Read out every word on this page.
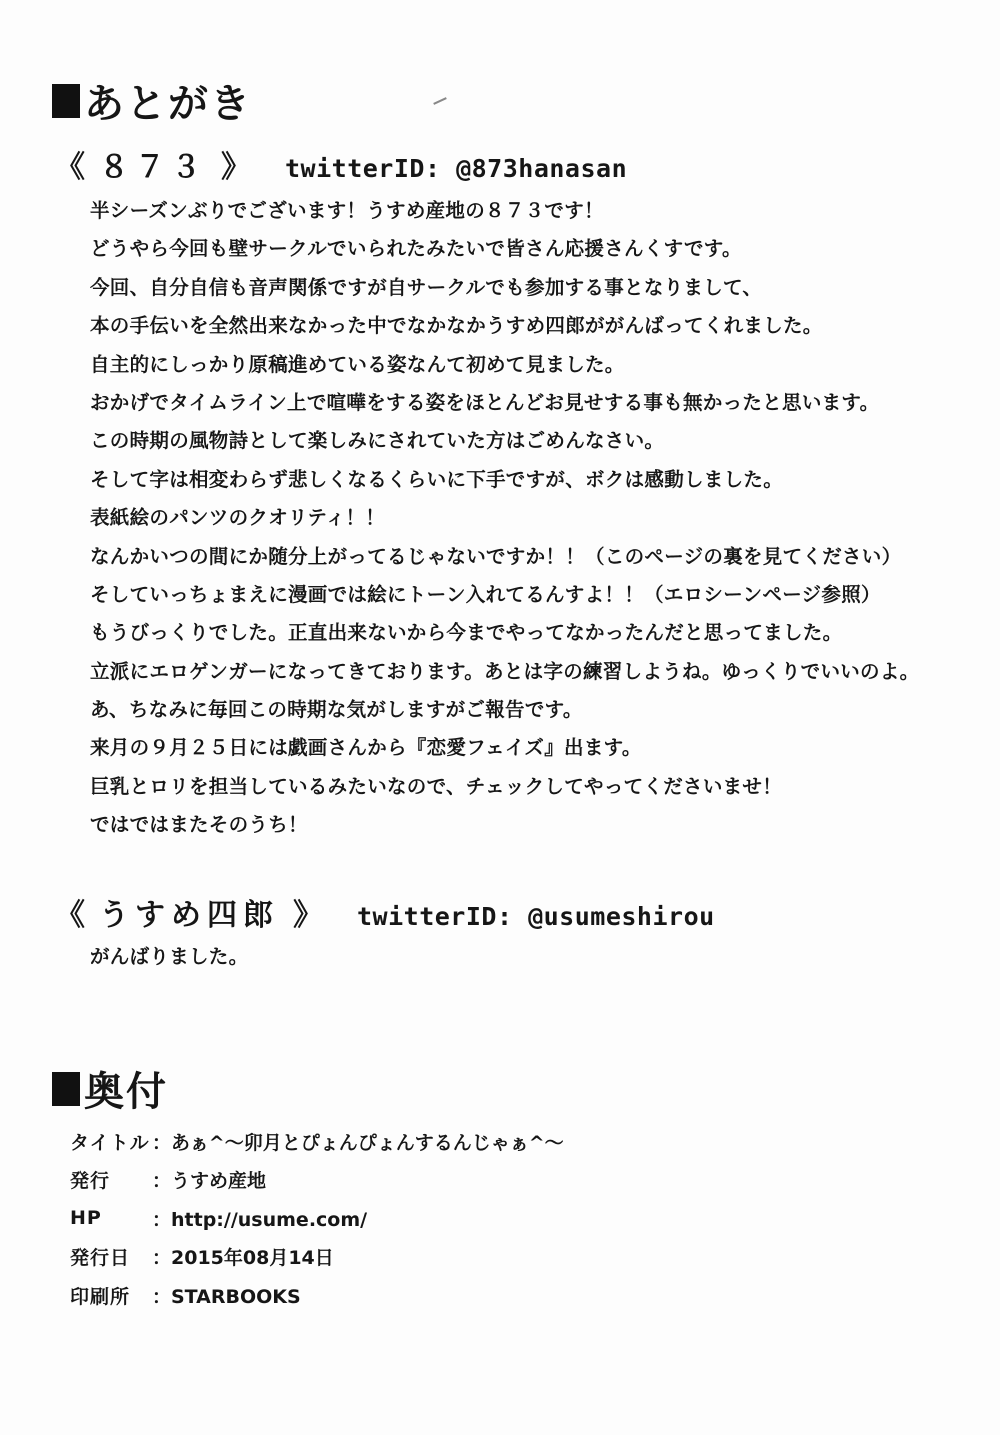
あとがき
《 ８７３ 》 twitterID: @873hanasan
半シーズンぶりでございます！うすめ産地の８７３です！
どうやら今回も壁サークルでいられたみたいで皆さん応援さんくすです。
今回、自分自信も音声関係ですが自サークルでも参加する事となりまして、
本の手伝いを全然出来なかった中でなかなかうすめ四郎ががんばってくれました。
自主的にしっかり原稿進めている姿なんて初めて見ました。
おかげでタイムライン上で喧嘩をする姿をほとんどお見せする事も無かったと思います。
この時期の風物詩として楽しみにされていた方はごめんなさい。
そして字は相変わらず悲しくなるくらいに下手ですが、ボクは感動しました。
表紙絵のパンツのクオリティ！！
なんかいつの間にか随分上がってるじゃないですか！！（このページの裏を見てください）
そしていっちょまえに漫画では絵にトーン入れてるんすよ！！（エロシーンページ参照）
もうびっくりでした。正直出来ないから今までやってなかったんだと思ってました。
立派にエロゲンガーになってきております。あとは字の練習しようね。ゆっくりでいいのよ。
あ、ちなみに毎回この時期な気がしますがご報告です。
来月の９月２５日には戯画さんから『恋愛フェイズ』出ます。
巨乳とロリを担当しているみたいなので、チェックしてやってくださいませ！
ではではまたそのうち！
《 うすめ四郎 》 twitterID: @usumeshirou
がんばりました。
奥付
タイトル ：あぁ^～卯月とぴょんぴょんするんじゃぁ^～
発行	：うすめ産地
HP	：http://usume.com/
発行日	：2015年08月14日
印刷所	：STARBOOKS
